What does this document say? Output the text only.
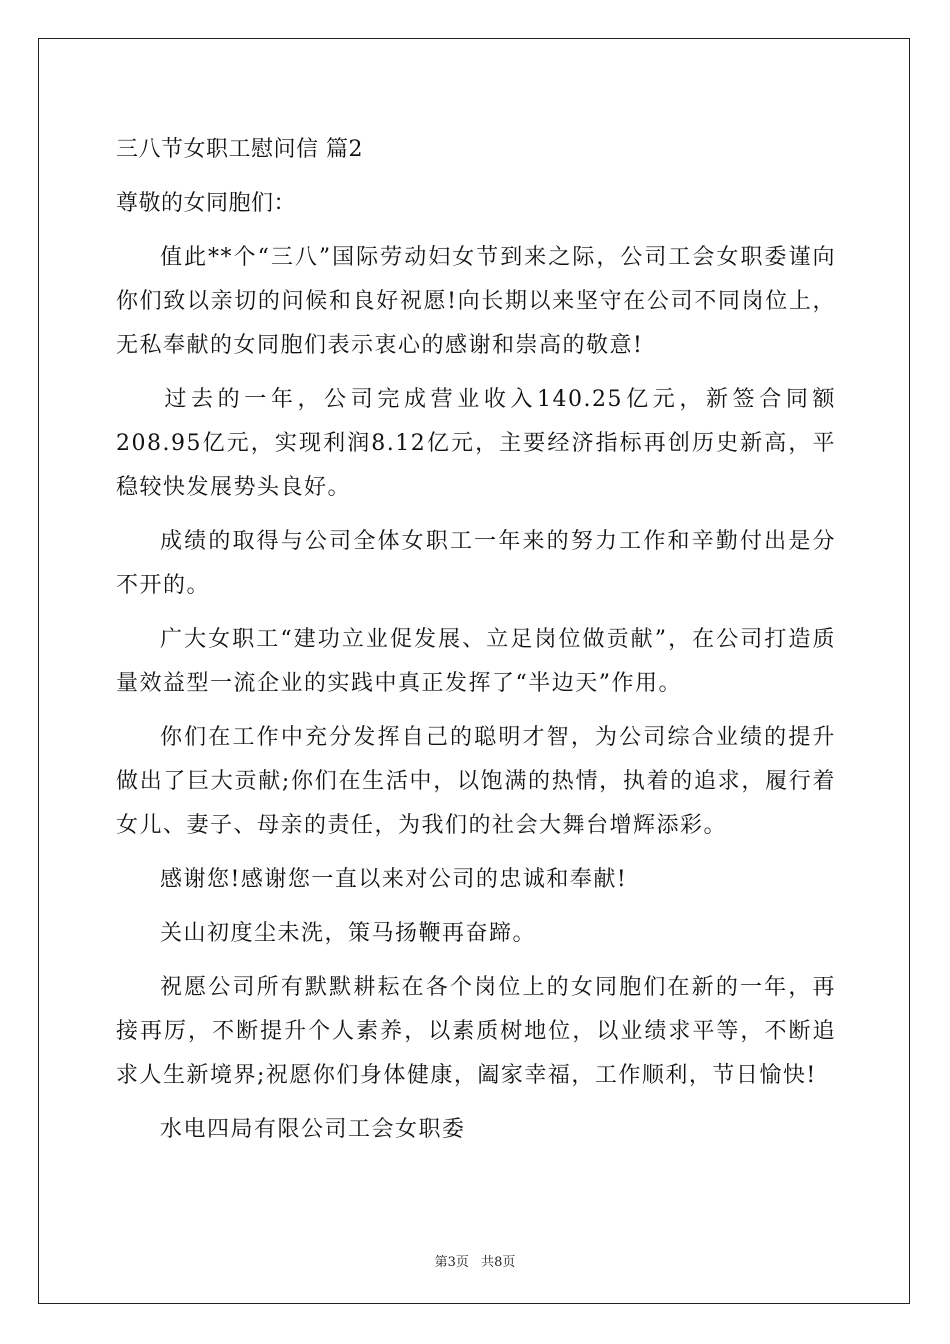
三八节女职工慰问信 篇2

尊敬的女同胞们：

值此**个“三八”国际劳动妇女节到来之际，公司工会女职委谨向你们致以亲切的问候和良好祝愿!向长期以来坚守在公司不同岗位上，无私奉献的女同胞们表示衷心的感谢和崇高的敬意!

过去的一年，公司完成营业收入140.25亿元，新签合同额208.95亿元，实现利润8.12亿元，主要经济指标再创历史新高，平稳较快发展势头良好。

成绩的取得与公司全体女职工一年来的努力工作和辛勤付出是分不开的。

广大女职工“建功立业促发展、立足岗位做贡献”，在公司打造质量效益型一流企业的实践中真正发挥了“半边天”作用。

你们在工作中充分发挥自己的聪明才智，为公司综合业绩的提升做出了巨大贡献;你们在生活中，以饱满的热情，执着的追求，履行着女儿、妻子、母亲的责任，为我们的社会大舞台增辉添彩。

感谢您!感谢您一直以来对公司的忠诚和奉献!

关山初度尘未洗，策马扬鞭再奋蹄。

祝愿公司所有默默耕耘在各个岗位上的女同胞们在新的一年，再接再厉，不断提升个人素养，以素质树地位，以业绩求平等，不断追求人生新境界;祝愿你们身体健康，阖家幸福，工作顺利，节日愉快!

水电四局有限公司工会女职委

第3页 共8页
